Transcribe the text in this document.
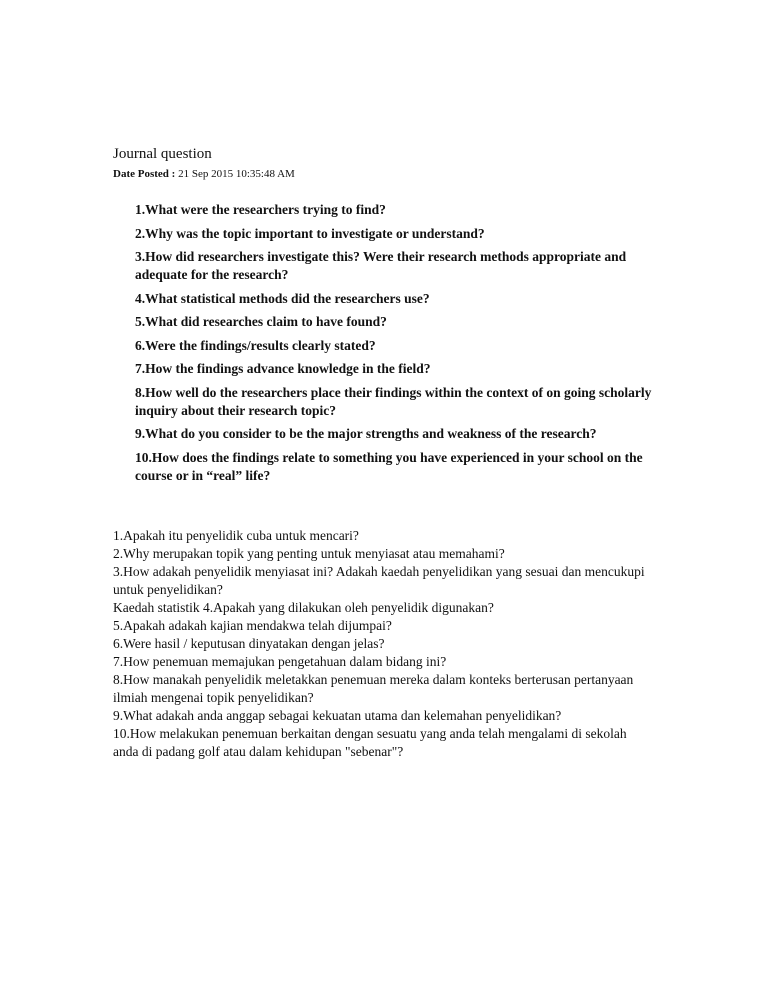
Journal question
Date Posted : 21 Sep 2015 10:35:48 AM
1.What were the researchers trying to find?
2.Why was the topic important to investigate or understand?
3.How did researchers investigate this? Were their research methods appropriate and adequate for the research?
4.What statistical methods did the researchers use?
5.What did researches claim to have found?
6.Were the findings/results clearly stated?
7.How the findings advance knowledge in the field?
8.How well do the researchers place their findings within the context of on going scholarly inquiry about their research topic?
9.What do you consider to be the major strengths and weakness of the research?
10.How does the findings relate to something you have experienced in your school on the course or in “real” life?
1.Apakah itu penyelidik cuba untuk mencari?
2.Why merupakan topik yang penting untuk menyiasat atau memahami?
3.How adakah penyelidik menyiasat ini? Adakah kaedah penyelidikan yang sesuai dan mencukupi untuk penyelidikan?
Kaedah statistik 4.Apakah yang dilakukan oleh penyelidik digunakan?
5.Apakah adakah kajian mendakwa telah dijumpai?
6.Were hasil / keputusan dinyatakan dengan jelas?
7.How penemuan memajukan pengetahuan dalam bidang ini?
8.How manakah penyelidik meletakkan penemuan mereka dalam konteks berterusan pertanyaan ilmiah mengenai topik penyelidikan?
9.What adakah anda anggap sebagai kekuatan utama dan kelemahan penyelidikan?
10.How melakukan penemuan berkaitan dengan sesuatu yang anda telah mengalami di sekolah anda di padang golf atau dalam kehidupan "sebenar"?
